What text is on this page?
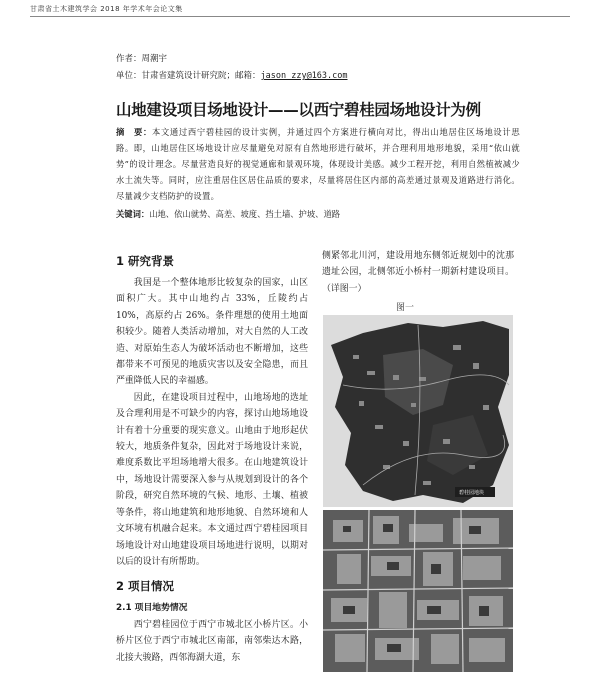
甘肃省土木建筑学会 2018 年学术年会论文集
作者：周潮宇
单位：甘肃省建筑设计研究院；邮箱：jason_zzy@163.com
山地建设项目场地设计——以西宁碧桂园场地设计为例
摘　要：本文通过西宁碧桂园的设计实例，并通过四个方案进行横向对比，得出山地居住区场地设计思路。即，山地居住区场地设计应尽量避免对原有自然地形进行破坏，并合理利用地形地貌，采用“依山就势”的设计理念。尽量营造良好的视觉通廊和景观环境，体现设计美感。减少工程开挖，利用自然植被减少水土流失等。同时，应注重居住区居住品质的要求，尽量将居住区内部的高差通过景观及道路进行消化。尽量减少支档防护的设置。
关键词：山地、依山就势、高差、坡度、挡土墙、护坡、道路
1 研究背景

我国是一个整体地形比较复杂的国家，山区面积广大。其中山地约占 33%，丘陵约占 10%，高原约占 26%。条件理想的使用土地面积较少。随着人类活动增加，对大自然的人工改造、对原始生态人为破坏活动也不断增加，这些都带来不可预见的地质灾害以及安全隐患，而且严重降低人民的幸福感。

因此，在建设项目过程中，山地场地的选址及合理利用是不可缺少的内容，探讨山地场地设计有着十分重要的现实意义。山地由于地形起伏较大，地质条件复杂，因此对于场地设计来说，难度系数比平坦场地增大很多。在山地建筑设计中，场地设计需要深入参与从规划到设计的各个阶段，研究自然环境的气候、地形、土壤、植被等条件，将山地建筑和地形地貌、自然环境和人文环境有机融合起来。本文通过西宁碧桂园项目场地设计对山地建设项目场地进行说明，以期对以后的设计有所帮助。

2 项目情况
2.1 项目地势情况

西宁碧桂园位于西宁市城北区小桥片区。小桥片区位于西宁市城北区南部，南邻柴达木路，北接大骏路，西邻海湖大道，东

侧紧邻北川河，建设用地东侧邻近规划中的沈那遗址公园，北侧邻近小桥村一期新村建设项目。（详图一）

图一
碧桂园地块
